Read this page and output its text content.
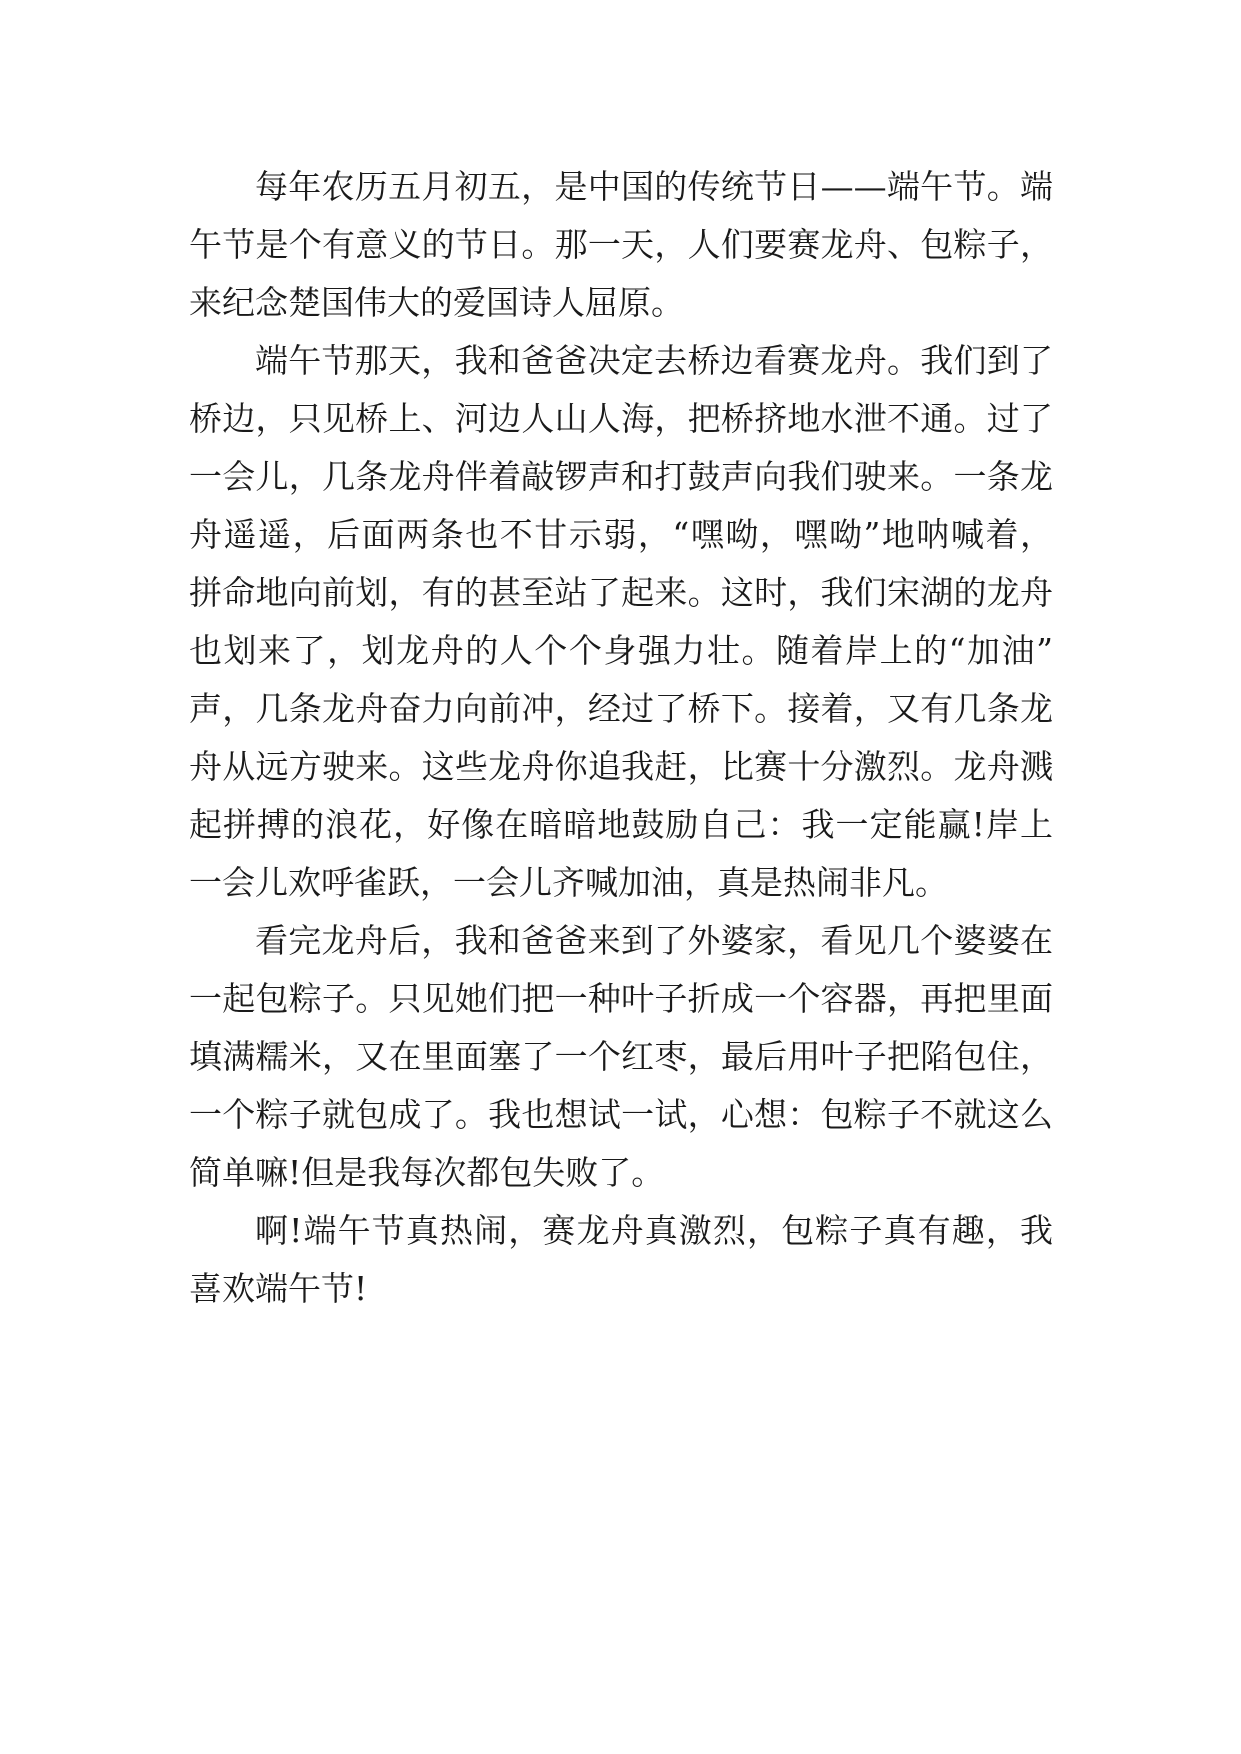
每年农历五月初五，是中国的传统节日——端午节。端
午节是个有意义的节日。那一天，人们要赛龙舟、包粽子，
来纪念楚国伟大的爱国诗人屈原。
端午节那天，我和爸爸决定去桥边看赛龙舟。我们到了
桥边，只见桥上、河边人山人海，把桥挤地水泄不通。过了
一会儿，几条龙舟伴着敲锣声和打鼓声向我们驶来。一条龙
舟遥遥，后面两条也不甘示弱，“嘿呦，嘿呦”地呐喊着，
拼命地向前划，有的甚至站了起来。这时，我们宋湖的龙舟
也划来了，划龙舟的人个个身强力壮。随着岸上的“加油”
声，几条龙舟奋力向前冲，经过了桥下。接着，又有几条龙
舟从远方驶来。这些龙舟你追我赶，比赛十分激烈。龙舟溅
起拼搏的浪花，好像在暗暗地鼓励自己：我一定能赢!岸上
一会儿欢呼雀跃，一会儿齐喊加油，真是热闹非凡。
看完龙舟后，我和爸爸来到了外婆家，看见几个婆婆在
一起包粽子。只见她们把一种叶子折成一个容器，再把里面
填满糯米，又在里面塞了一个红枣，最后用叶子把陷包住，
一个粽子就包成了。我也想试一试，心想：包粽子不就这么
简单嘛!但是我每次都包失败了。
啊!端午节真热闹，赛龙舟真激烈，包粽子真有趣，我
喜欢端午节!
